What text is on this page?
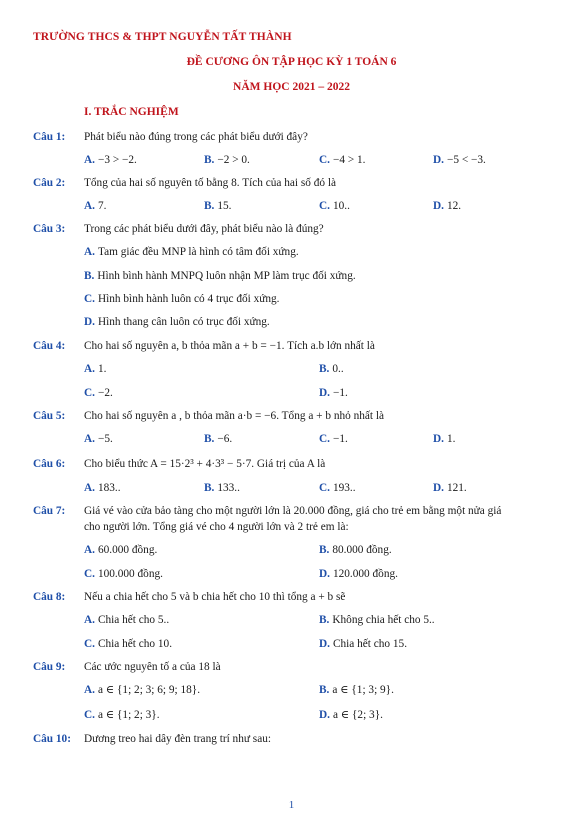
TRƯỜNG THCS & THPT NGUYỄN TẤT THÀNH
ĐỀ CƯƠNG ÔN TẬP HỌC KỲ 1 TOÁN 6
NĂM HỌC 2021 – 2022
I. TRẮC NGHIỆM
Câu 1: Phát biểu nào đúng trong các phát biểu dưới đây?
A. −3 > −2.	B. −2 > 0.	C. −4 > 1.	D. −5 < −3.
Câu 2: Tổng của hai số nguyên tố bằng 8. Tích của hai số đó là
A. 7.	B. 15.	C. 10..	D. 12.
Câu 3: Trong các phát biểu dưới đây, phát biểu nào là đúng?
A. Tam giác đều MNP là hình có tâm đối xứng.
B. Hình bình hành MNPQ luôn nhận MP làm trục đối xứng.
C. Hình bình hành luôn có 4 trục đối xứng.
D. Hình thang cân luôn có trục đối xứng.
Câu 4: Cho hai số nguyên a, b thỏa mãn a + b = −1. Tích a.b lớn nhất là
A. 1.	B. 0..
C. −2.	D. −1.
Câu 5: Cho hai số nguyên a , b thỏa mãn a·b = −6. Tổng a + b nhỏ nhất là
A. −5.	B. −6.	C. −1.	D. 1.
Câu 6: Cho biểu thức A = 15·2³ + 4·3³ − 5·7. Giá trị của A là
A. 183..	B. 133..	C. 193..	D. 121.
Câu 7: Giá vé vào cửa bảo tàng cho một người lớn là 20.000 đồng, giá cho trẻ em bằng một nửa giá
cho người lớn. Tổng giá vé cho 4 người lớn và 2 trẻ em là:
A. 60.000 đồng.	B. 80.000 đồng.
C. 100.000 đồng.	D. 120.000 đồng.
Câu 8: Nếu a chia hết cho 5 và b chia hết cho 10 thì tổng a + b sẽ
A. Chia hết cho 5..	B. Không chia hết cho 5..
C. Chia hết cho 10.	D. Chia hết cho 15.
Câu 9: Các ước nguyên tố a của 18 là
A. a ∈ {1; 2; 3; 6; 9; 18}.	B. a ∈ {1; 3; 9}.
C. a ∈ {1; 2; 3}.	D. a ∈ {2; 3}.
Câu 10: Dương treo hai dây đèn trang trí như sau:
1
